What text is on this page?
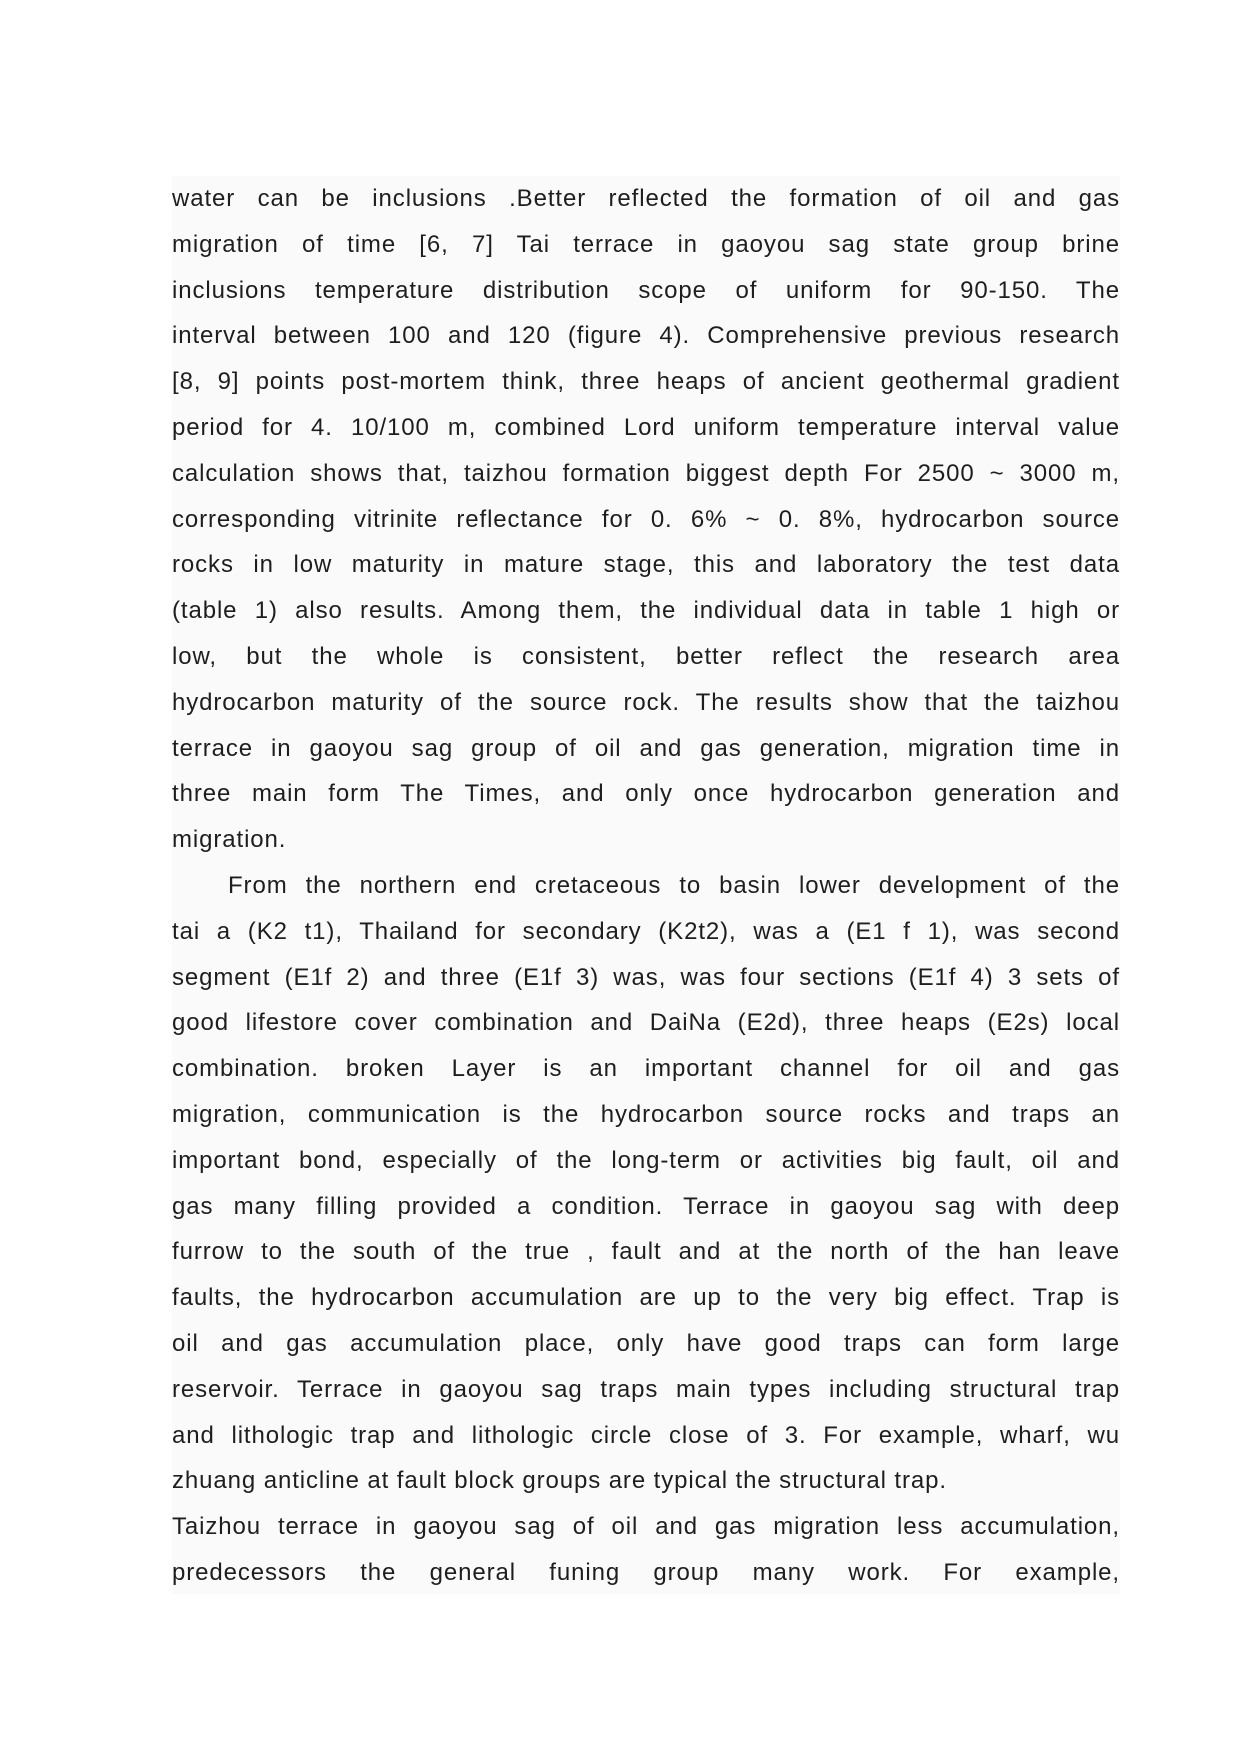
water can be inclusions .Better reflected the formation of oil and gas
migration of time [6, 7] Tai terrace in gaoyou sag state group brine
inclusions temperature distribution scope of uniform for 90-150. The
interval between 100 and 120 (figure 4). Comprehensive previous research
[8, 9] points post-mortem think, three heaps of ancient geothermal gradient
period for 4. 10/100 m, combined Lord uniform temperature interval value
calculation shows that, taizhou formation biggest depth For 2500 ~ 3000 m,
corresponding vitrinite reflectance for 0. 6% ~ 0. 8%, hydrocarbon source
rocks in low maturity in mature stage, this and laboratory the test data
(table 1) also results. Among them, the individual data in table 1 high or
low, but the whole is consistent, better reflect the research area
hydrocarbon maturity of the source rock. The results show that the taizhou
terrace in gaoyou sag group of oil and gas generation, migration time in
three main form The Times, and only once hydrocarbon generation and
migration.

From the northern end cretaceous to basin lower development of the
tai a (K2 t1), Thailand for secondary (K2t2), was a (E1 f 1), was second
segment (E1f 2) and three (E1f 3) was, was four sections (E1f 4) 3 sets of
good lifestore cover combination and DaiNa (E2d), three heaps (E2s) local
combination. broken Layer is an important channel for oil and gas
migration, communication is the hydrocarbon source rocks and traps an
important bond, especially of the long-term or activities big fault, oil and
gas many filling provided a condition. Terrace in gaoyou sag with deep
furrow to the south of the true , fault and at the north of the han leave
faults, the hydrocarbon accumulation are up to the very big effect. Trap is
oil and gas accumulation place, only have good traps can form large
reservoir. Terrace in gaoyou sag traps main types including structural trap
and lithologic trap and lithologic circle close of 3. For example, wharf, wu
zhuang anticline at fault block groups are typical the structural trap.

Taizhou terrace in gaoyou sag of oil and gas migration less accumulation,
predecessors the general funing group many work. For example,
